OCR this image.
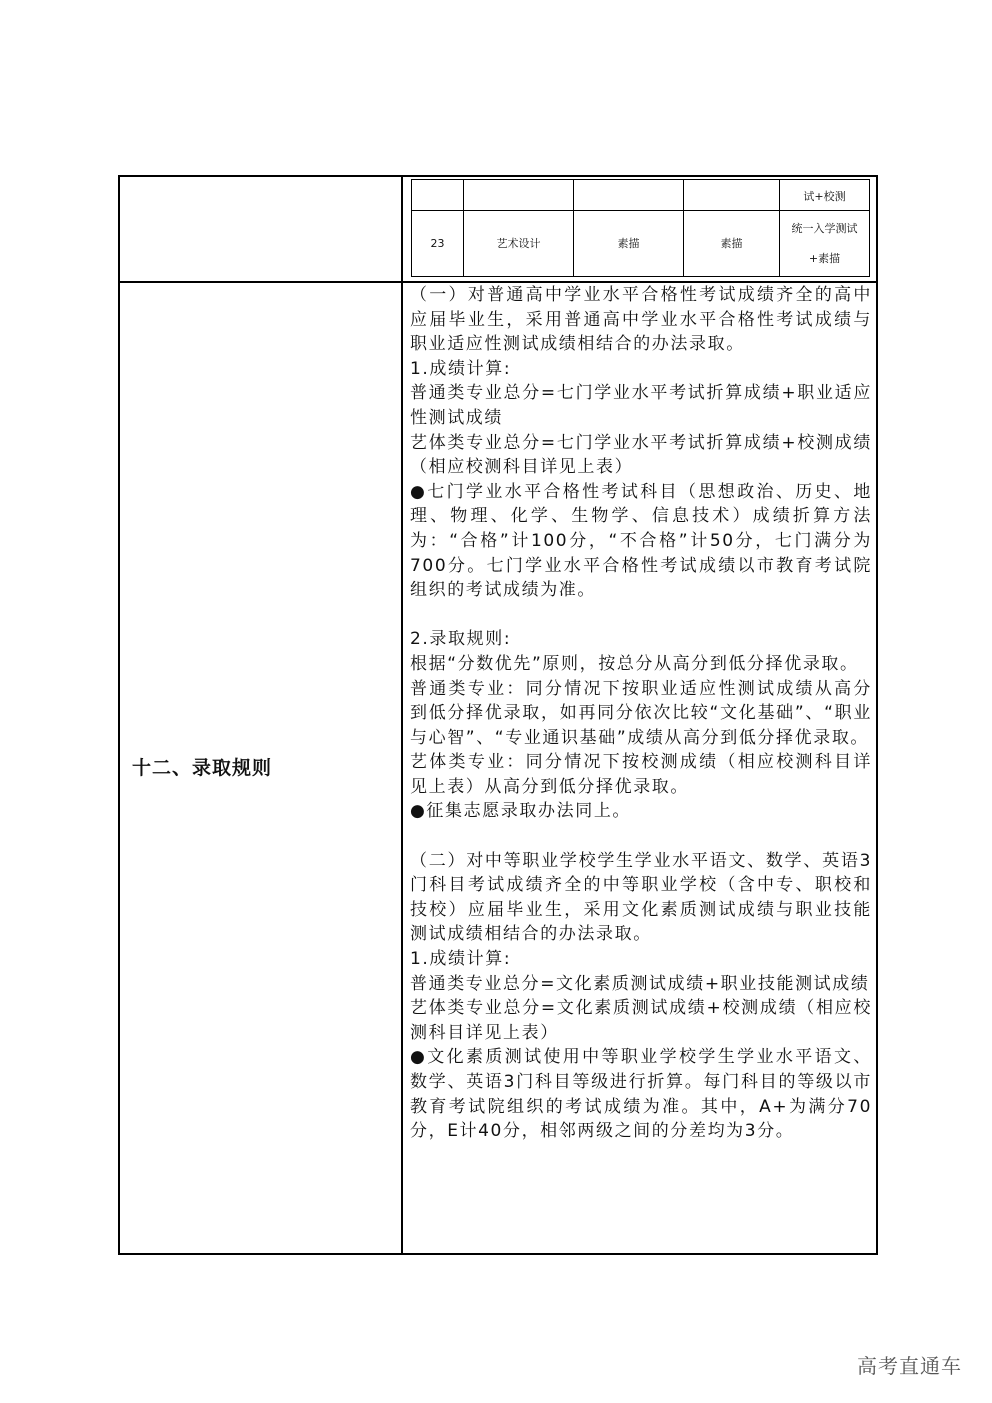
				试+校测
23	艺术设计	素描	素描	统一入学测试+素描
十二、录取规则

（一）对普通高中学业水平合格性考试成绩齐全的高中应届毕业生，采用普通高中学业水平合格性考试成绩与职业适应性测试成绩相结合的办法录取。

1.成绩计算:

普通类专业总分=七门学业水平考试折算成绩+职业适应性测试成绩

艺体类专业总分=七门学业水平考试折算成绩+校测成绩（相应校测科目详见上表）

●七门学业水平合格性考试科目（思想政治、历史、地理、物理、化学、生物学、信息技术）成绩折算方法为：“合格”计100分，“不合格”计50分，七门满分为700分。七门学业水平合格性考试成绩以市教育考试院组织的考试成绩为准。

2.录取规则:

根据“分数优先”原则，按总分从高分到低分择优录取。

普通类专业：同分情况下按职业适应性测试成绩从高分到低分择优录取，如再同分依次比较“文化基础”、“职业与心智”、“专业通识基础”成绩从高分到低分择优录取。

艺体类专业：同分情况下按校测成绩（相应校测科目详见上表）从高分到低分择优录取。

●征集志愿录取办法同上。

（二）对中等职业学校学生学业水平语文、数学、英语3门科目考试成绩齐全的中等职业学校（含中专、职校和技校）应届毕业生，采用文化素质测试成绩与职业技能测试成绩相结合的办法录取。

1.成绩计算:

普通类专业总分=文化素质测试成绩+职业技能测试成绩

艺体类专业总分=文化素质测试成绩+校测成绩（相应校测科目详见上表）

●文化素质测试使用中等职业学校学生学业水平语文、数学、英语3门科目等级进行折算。每门科目的等级以市教育考试院组织的考试成绩为准。其中，A+为满分70分，E计40分，相邻两级之间的分差均为3分。

高考直通车
